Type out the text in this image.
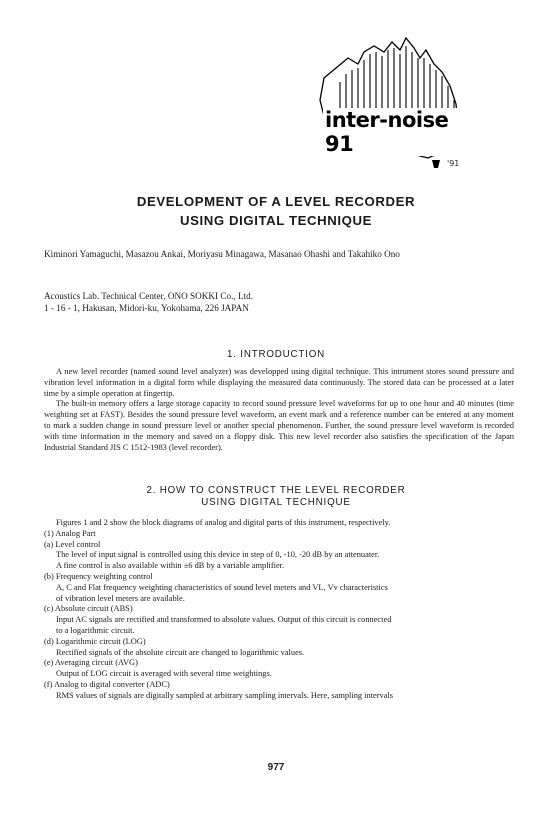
inter-noise 91
'91
DEVELOPMENT OF A LEVEL RECORDER
USING DIGITAL TECHNIQUE
Kiminori Yamaguchi, Masazou Ankai, Moriyasu Minagawa, Masanao Ohashi and Takahiko Ono
Acoustics Lab. Technical Center, ONO SOKKI Co., Ltd.
1 - 16 - 1, Hakusan, Midori-ku, Yokohama, 226 JAPAN
1. INTRODUCTION

A new level recorder (named sound level analyzer) was developped using digital technique. This intrument stores sound pressure and vibration level information in a digital form while displaying the measured data continuously. The stored data can be processed at a later time by a simple operation at fingertip.

The built-in memory offers a large storage capacity to record sound pressure level waveforms for up to one hour and 40 minutes (time weighting set at FAST). Besides the sound pressure level waveform, an event mark and a reference number can be entered at any moment to mark a sudden change in sound pressure level or another special phenomenon. Further, the sound pressure level waveform is recorded with time information in the memory and saved on a floppy disk. This new level recorder also satisfies the specification of the Japan Industrial Standard JIS C 1512-1983 (level recorder).

2. HOW TO CONSTRUCT THE LEVEL RECORDER
USING DIGITAL TECHNIQUE

Figures 1 and 2 show the block diagrams of analog and digital parts of this instrument, respectively.

(1) Analog Part
(a) Level control
The level of input signal is controlled using this device in step of 0, -10, -20 dB by an attenuater.
A fine control is also available within ±6 dB by a variable amplifier.
(b) Frequency weighting control
A, C and Flat frequency weighting characteristics of sound level meters and VL, Vv characteristics
of vibration level meters are available.
(c) Absolute circuit (ABS)
Input AC signals are rectified and transformed to absolute values. Output of this circuit is connected
to a logarithmic circuit.
(d) Logarithmic circuit (LOG)
Rectified signals of the absolute circuit are changed to logarithmic values.
(e) Averaging circuit (AVG)
Output of LOG circuit is averaged with several time weightings.
(f) Analog to digital converter (ADC)
RMS values of signals are digitally sampled at arbitrary sampling intervals. Here, sampling intervals
977
